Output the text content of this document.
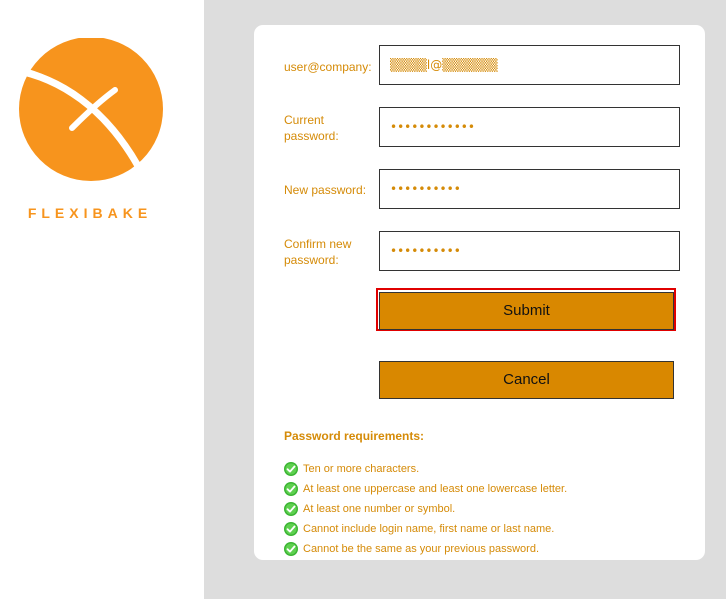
FLEXIBAKE
user@company:
▒▒▒▒l@▒▒▒▒▒▒
Current password:
••••••••••••
New password:
••••••••••
Confirm new password:
••••••••••
Submit
Cancel
Password requirements:
Ten or more characters.
At least one uppercase and least one lowercase letter.
At least one number or symbol.
Cannot include login name, first name or last name.
Cannot be the same as your previous password.
